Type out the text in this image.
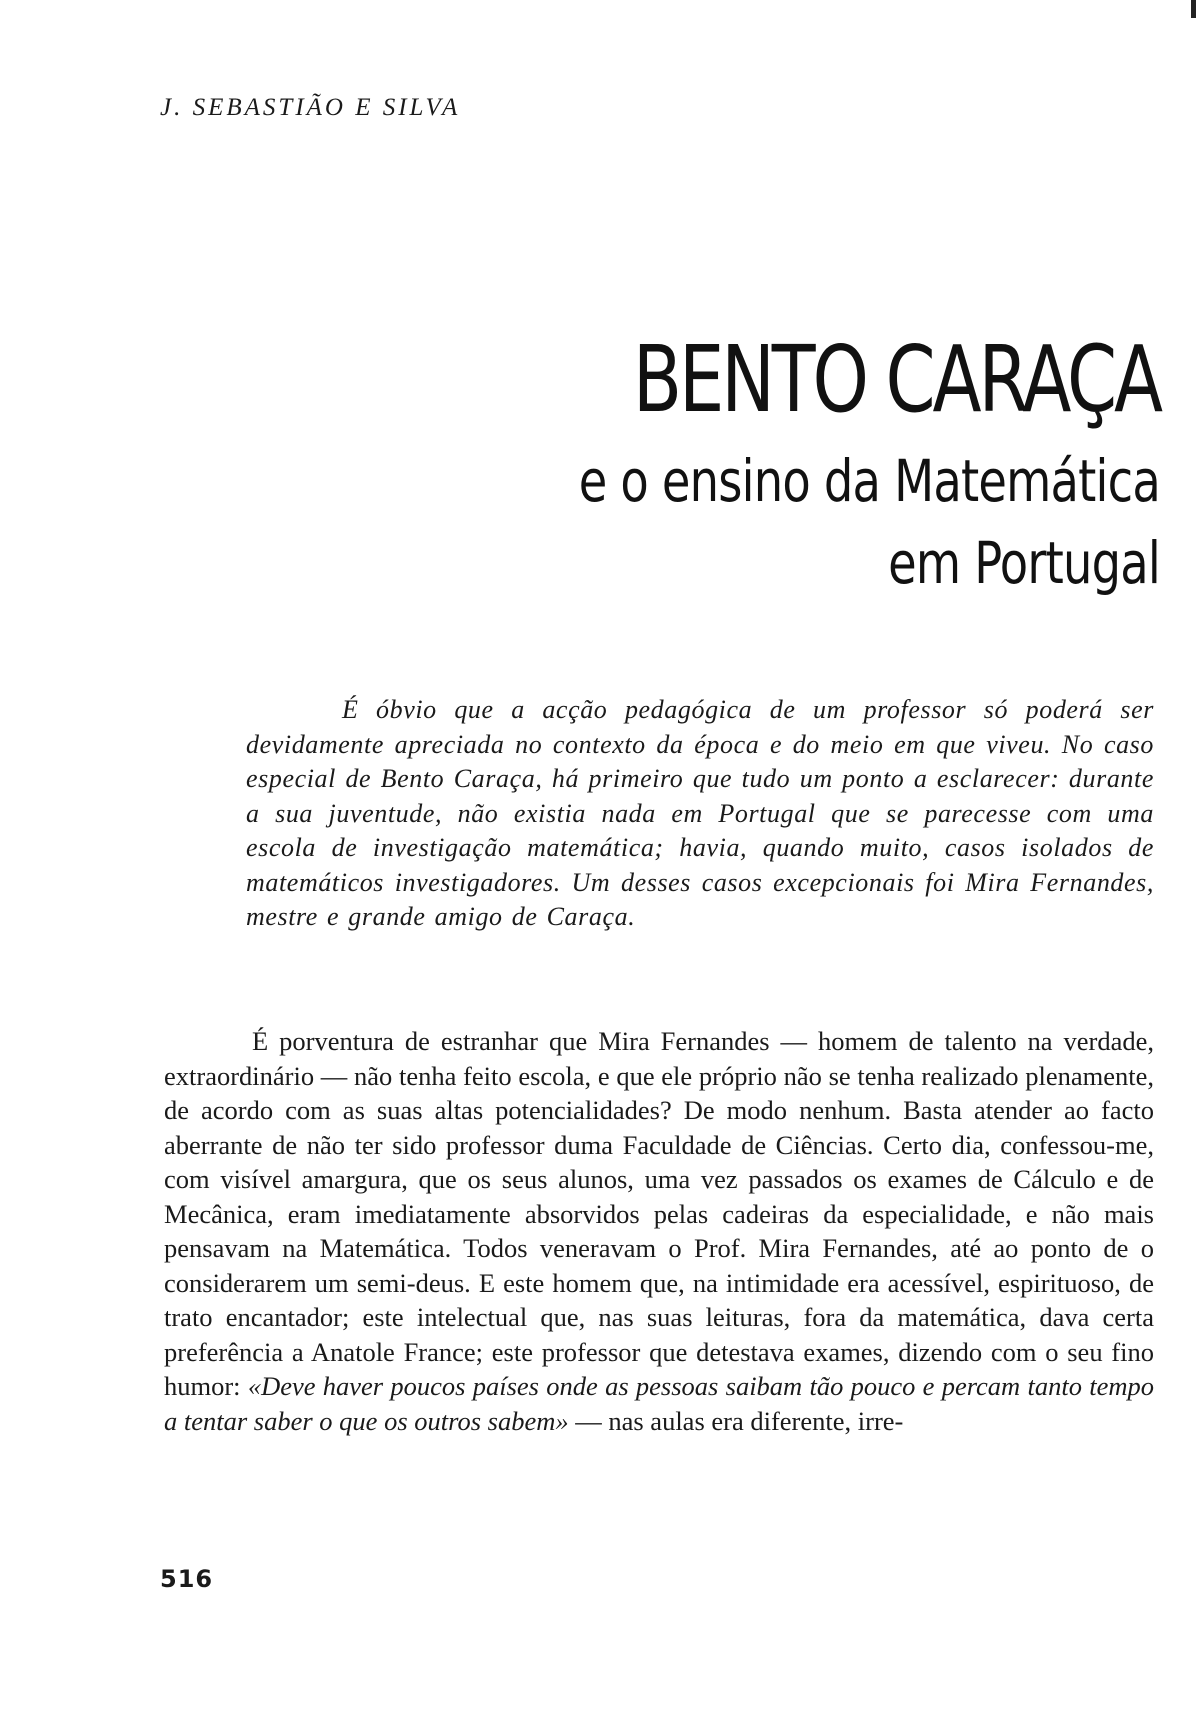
J. SEBASTIÃO E SILVA
BENTO CARAÇA
e o ensino da Matemática
em Portugal

É óbvio que a acção pedagógica de um professor só poderá ser devidamente apreciada no contexto da época e do meio em que viveu. No caso especial de Bento Caraça, há primeiro que tudo um ponto a esclarecer: durante a sua juventude, não existia nada em Portugal que se parecesse com uma escola de investigação matemática; havia, quando muito, casos isolados de matemáticos investigadores. Um desses casos excepcionais foi Mira Fernandes, mestre e grande amigo de Caraça.

É porventura de estranhar que Mira Fernandes — homem de talento na verdade, extraordinário — não tenha feito escola, e que ele próprio não se tenha realizado plenamente, de acordo com as suas altas potencialidades? De modo nenhum. Basta atender ao facto aberrante de não ter sido professor duma Faculdade de Ciências. Certo dia, confessou-me, com visível amargura, que os seus alunos, uma vez passados os exames de Cálculo e de Mecânica, eram imediatamente absorvidos pelas cadeiras da especialidade, e não mais pensavam na Matemática. Todos veneravam o Prof. Mira Fernandes, até ao ponto de o considerarem um semi-deus. E este homem que, na intimidade era acessível, espirituoso, de trato encantador; este intelectual que, nas suas leituras, fora da matemática, dava certa preferência a Anatole France; este professor que detestava exames, dizendo com o seu fino humor: «Deve haver poucos países onde as pessoas saibam tão pouco e percam tanto tempo a tentar saber o que os outros sabem» — nas aulas era diferente, irre-

516
